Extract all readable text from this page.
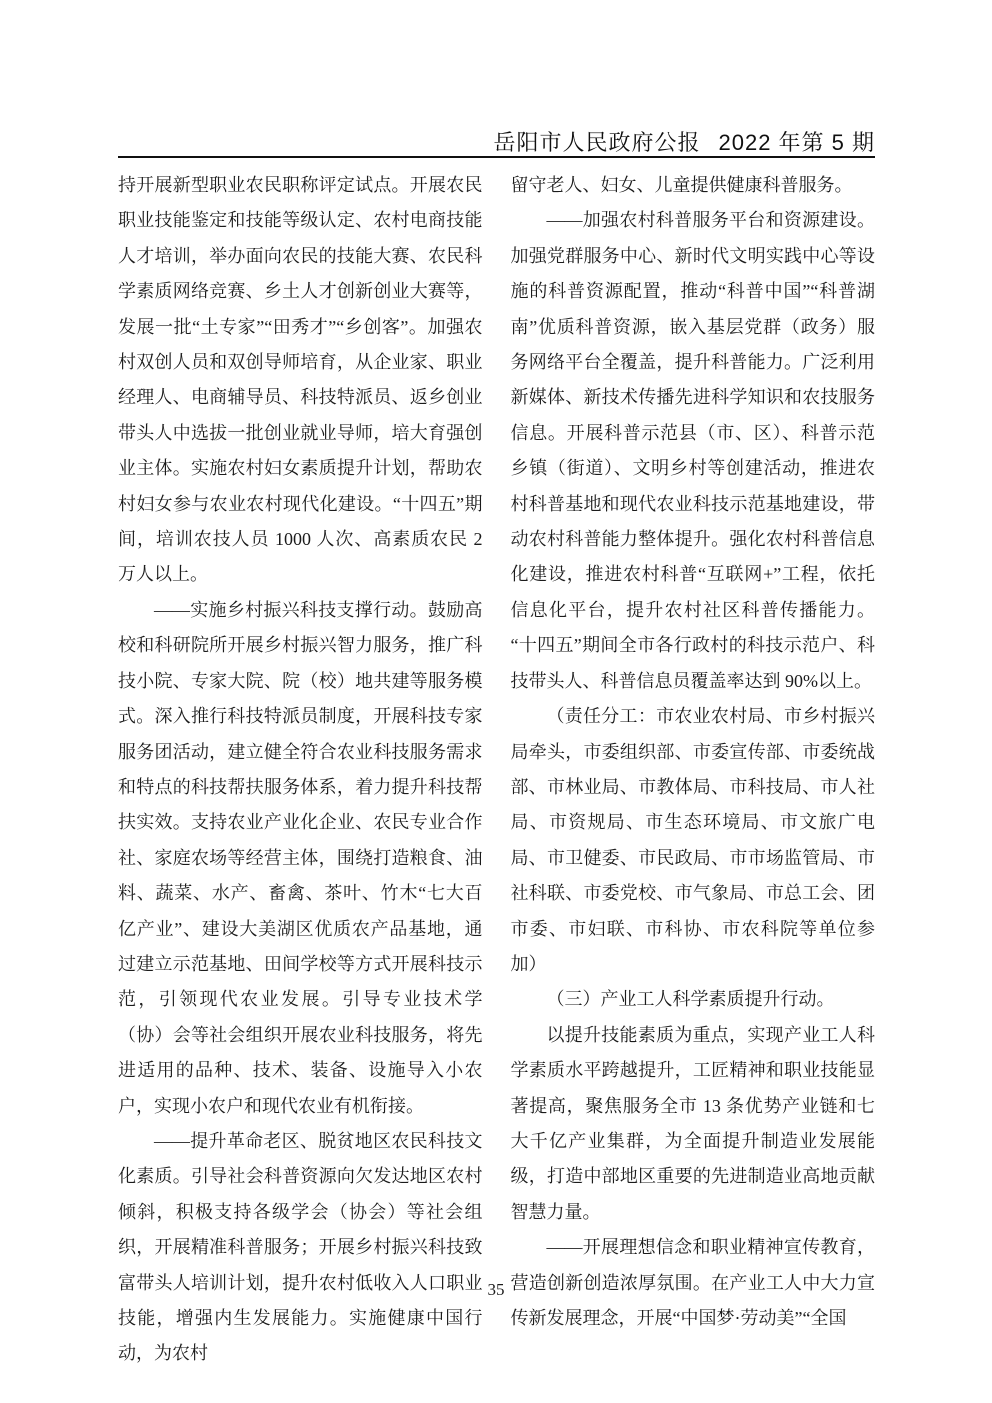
岳阳市人民政府公报 2022 年第 5 期

持开展新型职业农民职称评定试点。开展农民职业技能鉴定和技能等级认定、农村电商技能人才培训，举办面向农民的技能大赛、农民科学素质网络竞赛、乡土人才创新创业大赛等，发展一批“土专家”“田秀才”“乡创客”。加强农村双创人员和双创导师培育，从企业家、职业经理人、电商辅导员、科技特派员、返乡创业带头人中选拔一批创业就业导师，培大育强创业主体。实施农村妇女素质提升计划，帮助农村妇女参与农业农村现代化建设。“十四五”期间，培训农技人员 1000 人次、高素质农民 2 万人以上。

——实施乡村振兴科技支撑行动。鼓励高校和科研院所开展乡村振兴智力服务，推广科技小院、专家大院、院（校）地共建等服务模式。深入推行科技特派员制度，开展科技专家服务团活动，建立健全符合农业科技服务需求和特点的科技帮扶服务体系，着力提升科技帮扶实效。支持农业产业化企业、农民专业合作社、家庭农场等经营主体，围绕打造粮食、油料、蔬菜、水产、畜禽、茶叶、竹木“七大百亿产业”、建设大美湖区优质农产品基地，通过建立示范基地、田间学校等方式开展科技示范，引领现代农业发展。引导专业技术学（协）会等社会组织开展农业科技服务，将先进适用的品种、技术、装备、设施导入小农户，实现小农户和现代农业有机衔接。

——提升革命老区、脱贫地区农民科技文化素质。引导社会科普资源向欠发达地区农村倾斜，积极支持各级学会（协会）等社会组织，开展精准科普服务；开展乡村振兴科技致富带头人培训计划，提升农村低收入人口职业技能，增强内生发展能力。实施健康中国行动，为农村

留守老人、妇女、儿童提供健康科普服务。

——加强农村科普服务平台和资源建设。加强党群服务中心、新时代文明实践中心等设施的科普资源配置，推动“科普中国”“科普湖南”优质科普资源，嵌入基层党群（政务）服务网络平台全覆盖，提升科普能力。广泛利用新媒体、新技术传播先进科学知识和农技服务信息。开展科普示范县（市、区）、科普示范乡镇（街道）、文明乡村等创建活动，推进农村科普基地和现代农业科技示范基地建设，带动农村科普能力整体提升。强化农村科普信息化建设，推进农村科普“互联网+”工程，依托信息化平台，提升农村社区科普传播能力。“十四五”期间全市各行政村的科技示范户、科技带头人、科普信息员覆盖率达到 90%以上。

（责任分工：市农业农村局、市乡村振兴局牵头，市委组织部、市委宣传部、市委统战部、市林业局、市教体局、市科技局、市人社局、市资规局、市生态环境局、市文旅广电局、市卫健委、市民政局、市市场监管局、市社科联、市委党校、市气象局、市总工会、团市委、市妇联、市科协、市农科院等单位参加）

（三）产业工人科学素质提升行动。

以提升技能素质为重点，实现产业工人科学素质水平跨越提升，工匠精神和职业技能显著提高，聚焦服务全市 13 条优势产业链和七大千亿产业集群，为全面提升制造业发展能级，打造中部地区重要的先进制造业高地贡献智慧力量。

——开展理想信念和职业精神宣传教育，营造创新创造浓厚氛围。在产业工人中大力宣传新发展理念，开展“中国梦·劳动美”“全国

35
